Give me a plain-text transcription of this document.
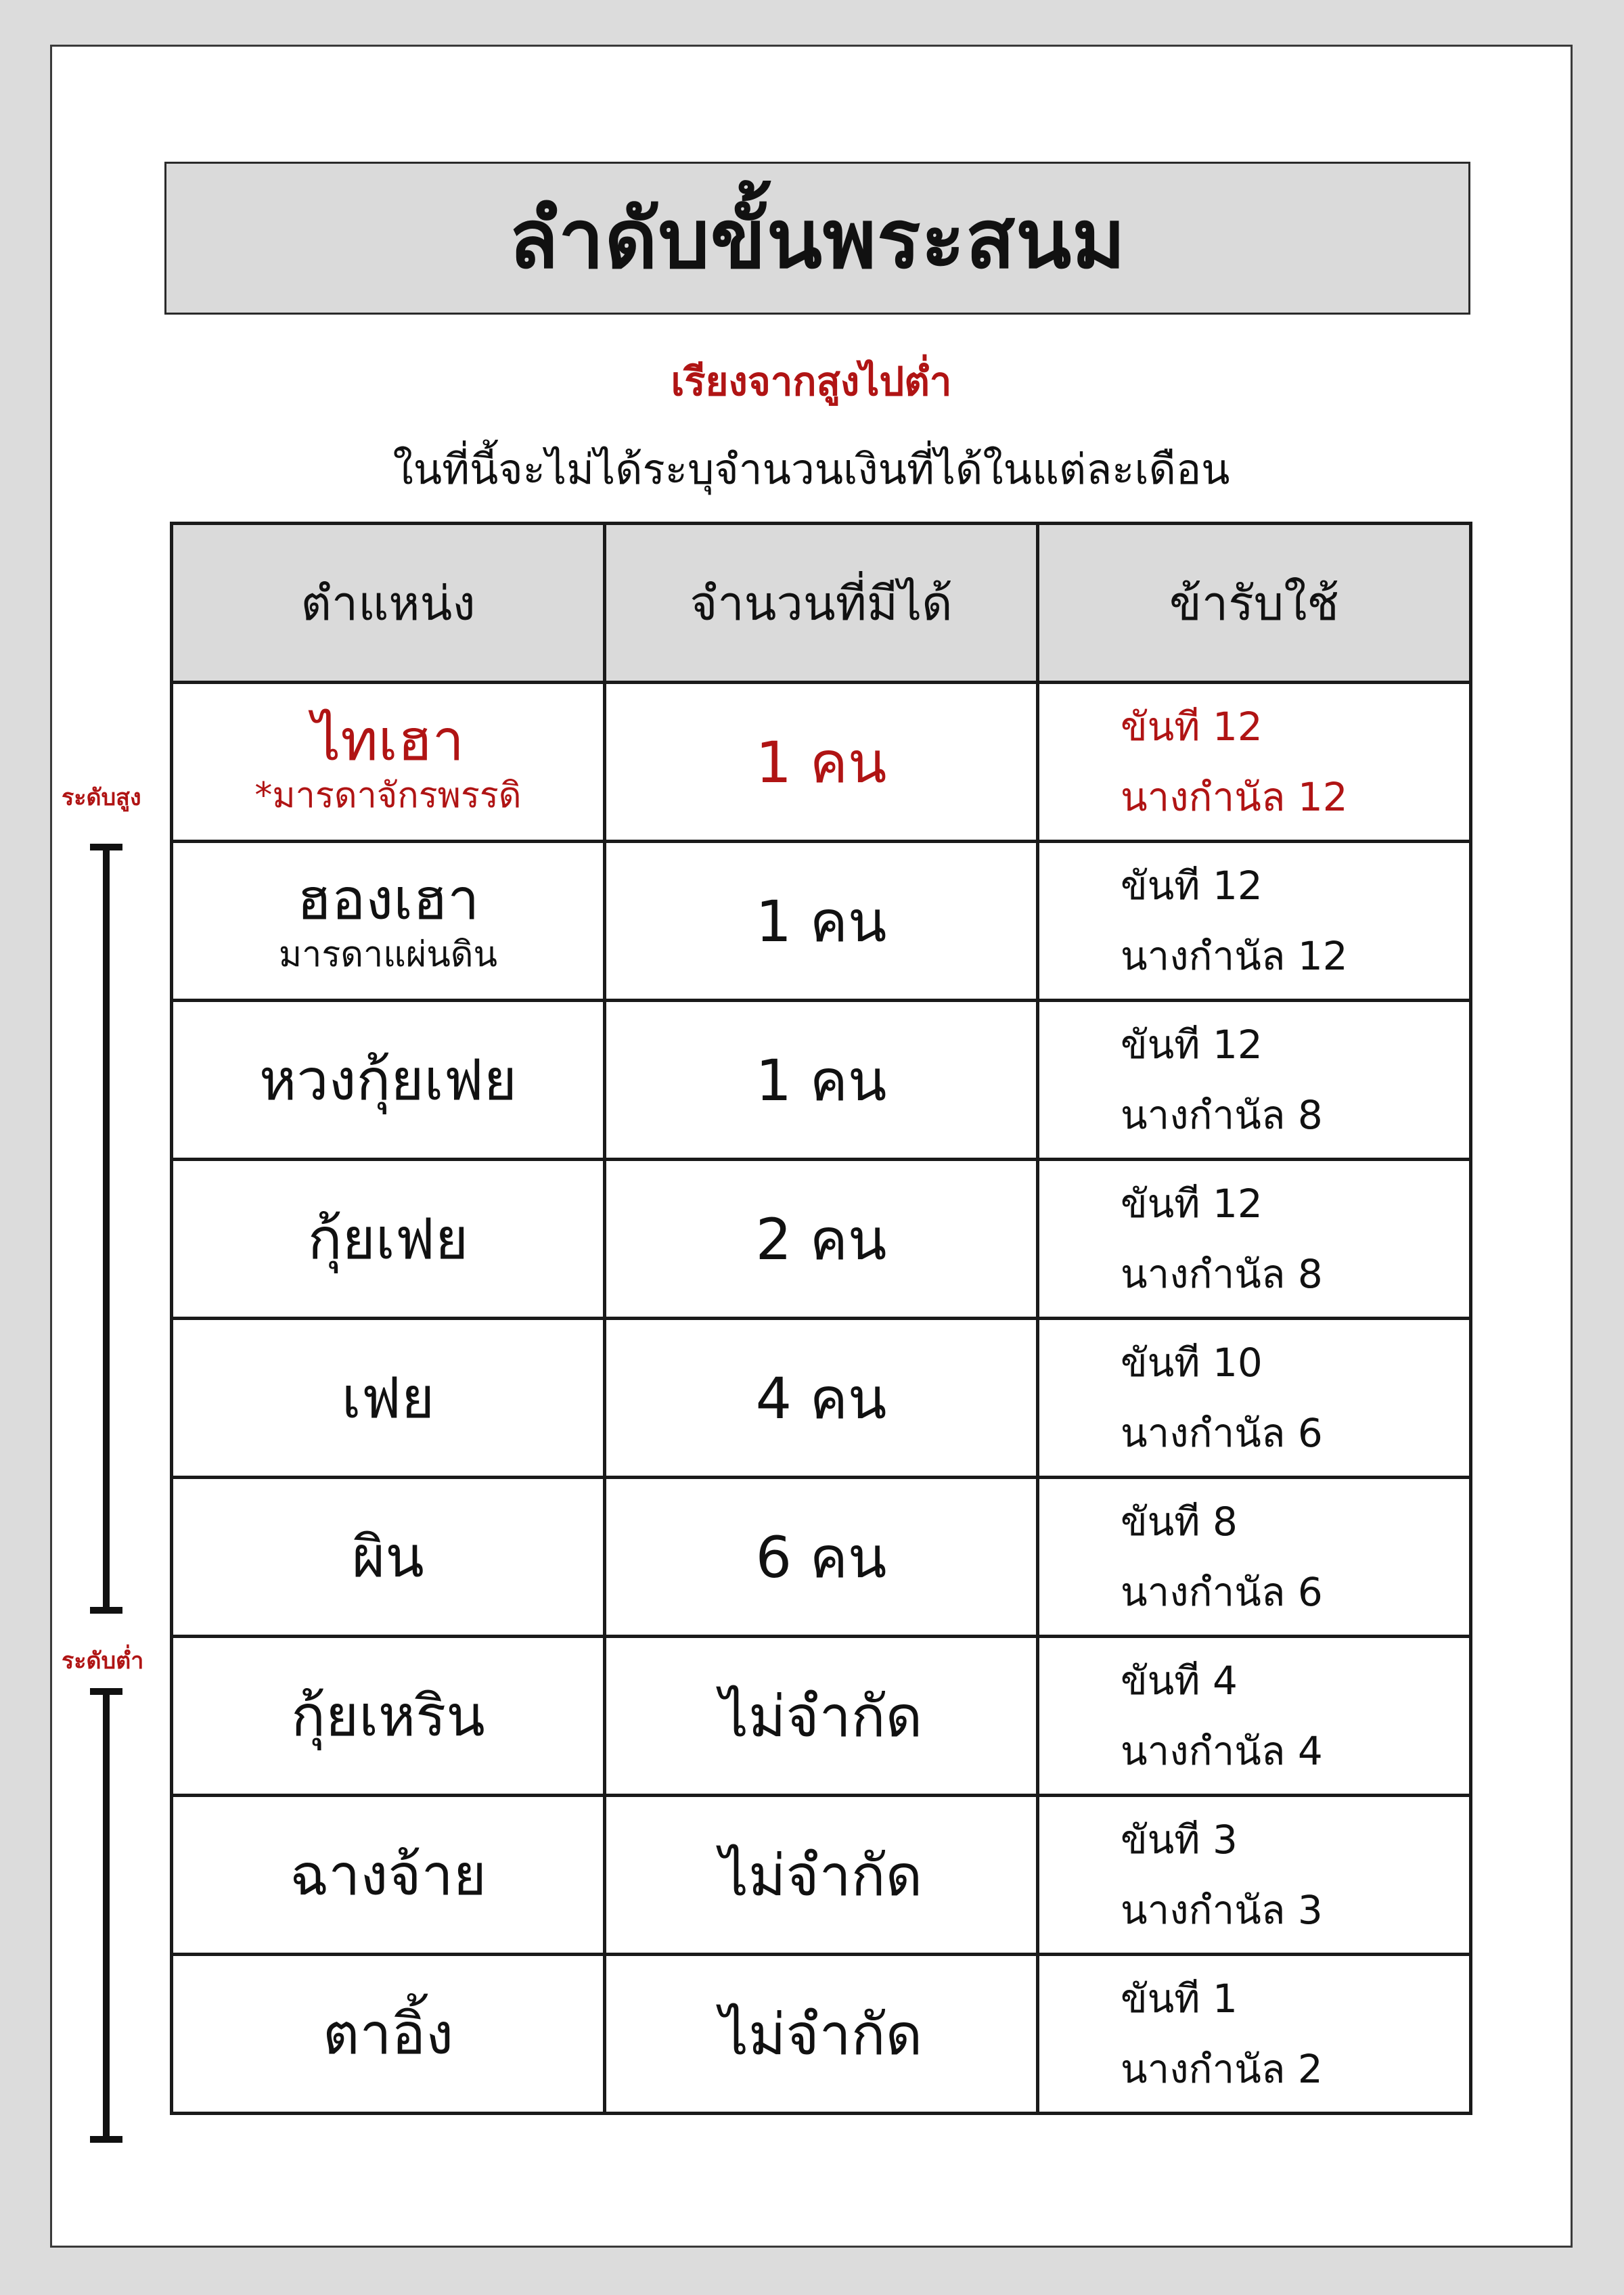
ลำดับขั้นพระสนม
เรียงจากสูงไปต่ำ
ในที่นี้จะไม่ได้ระบุจำนวนเงินที่ได้ในแต่ละเดือน
ตำแหน่ง	จำนวนที่มีได้	ข้ารับใช้

ไทเฮา
*มารดาจักรพรรดิ	1 คน	ขันที 12
นางกำนัล 12

ฮองเฮา
มารดาแผ่นดิน	1 คน	ขันที 12
นางกำนัล 12

หวงกุ้ยเฟย	1 คน	ขันที 12
นางกำนัล 8

กุ้ยเฟย	2 คน	ขันที 12
นางกำนัล 8

เฟย	4 คน	ขันที 10
นางกำนัล 6

ผิน	6 คน	ขันที 8
นางกำนัล 6

กุ้ยเหริน	ไม่จำกัด	ขันที 4
นางกำนัล 4

ฉางจ้าย	ไม่จำกัด	ขันที 3
นางกำนัล 3

ตาอิ้ง	ไม่จำกัด	ขันที 1
นางกำนัล 2
ระดับสูง
ระดับต่ำ
